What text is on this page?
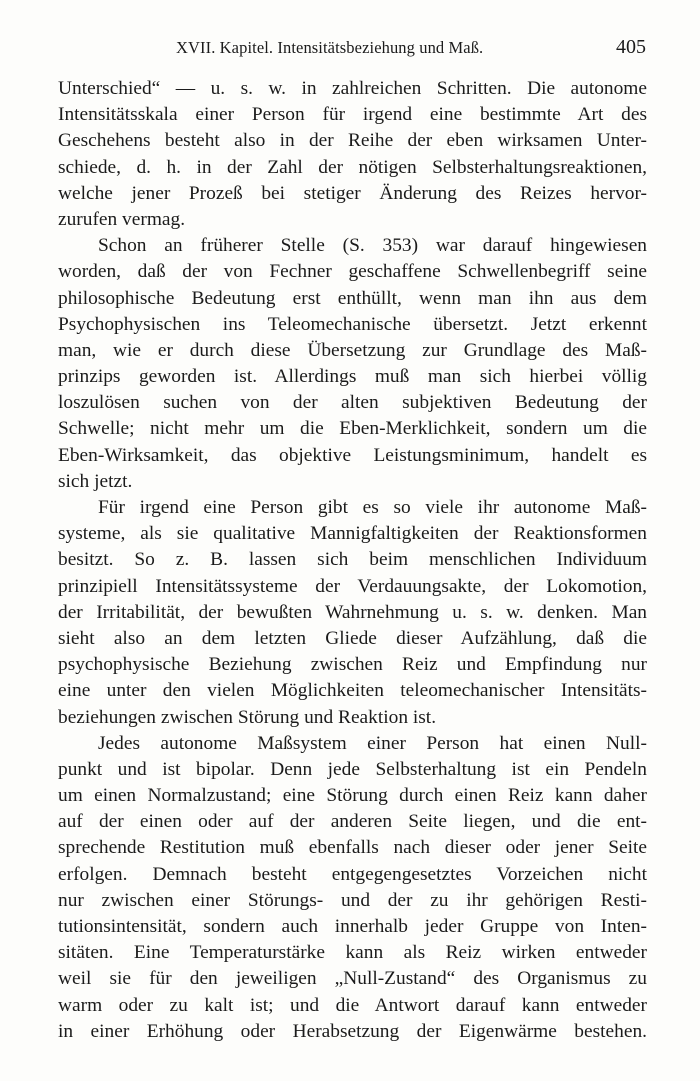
XVII. Kapitel. Intensitätsbeziehung und Maß.	405
Unterschied“ — u. s. w. in zahlreichen Schritten. Die autonome
Intensitätsskala einer Person für irgend eine bestimmte Art des
Geschehens besteht also in der Reihe der eben wirksamen Unter-
schiede, d. h. in der Zahl der nötigen Selbsterhaltungsreaktionen,
welche jener Prozeß bei stetiger Änderung des Reizes hervor-
zurufen vermag.
Schon an früherer Stelle (S. 353) war darauf hingewiesen
worden, daß der von Fechner geschaffene Schwellenbegriff seine
philosophische Bedeutung erst enthüllt, wenn man ihn aus dem
Psychophysischen ins Teleomechanische übersetzt. Jetzt erkennt
man, wie er durch diese Übersetzung zur Grundlage des Maß-
prinzips geworden ist. Allerdings muß man sich hierbei völlig
loszulösen suchen von der alten subjektiven Bedeutung der
Schwelle; nicht mehr um die Eben-Merklichkeit, sondern um die
Eben-Wirksamkeit, das objektive Leistungsminimum, handelt es
sich jetzt.
Für irgend eine Person gibt es so viele ihr autonome Maß-
systeme, als sie qualitative Mannigfaltigkeiten der Reaktionsformen
besitzt. So z. B. lassen sich beim menschlichen Individuum
prinzipiell Intensitätssysteme der Verdauungsakte, der Lokomotion,
der Irritabilität, der bewußten Wahrnehmung u. s. w. denken. Man
sieht also an dem letzten Gliede dieser Aufzählung, daß die
psychophysische Beziehung zwischen Reiz und Empfindung nur
eine unter den vielen Möglichkeiten teleomechanischer Intensitäts-
beziehungen zwischen Störung und Reaktion ist.
Jedes autonome Maßsystem einer Person hat einen Null-
punkt und ist bipolar. Denn jede Selbsterhaltung ist ein Pendeln
um einen Normalzustand; eine Störung durch einen Reiz kann daher
auf der einen oder auf der anderen Seite liegen, und die ent-
sprechende Restitution muß ebenfalls nach dieser oder jener Seite
erfolgen. Demnach besteht entgegengesetztes Vorzeichen nicht
nur zwischen einer Störungs- und der zu ihr gehörigen Resti-
tutionsintensität, sondern auch innerhalb jeder Gruppe von Inten-
sitäten. Eine Temperaturstärke kann als Reiz wirken entweder
weil sie für den jeweiligen „Null-Zustand“ des Organismus zu
warm oder zu kalt ist; und die Antwort darauf kann entweder
in einer Erhöhung oder Herabsetzung der Eigenwärme bestehen.
